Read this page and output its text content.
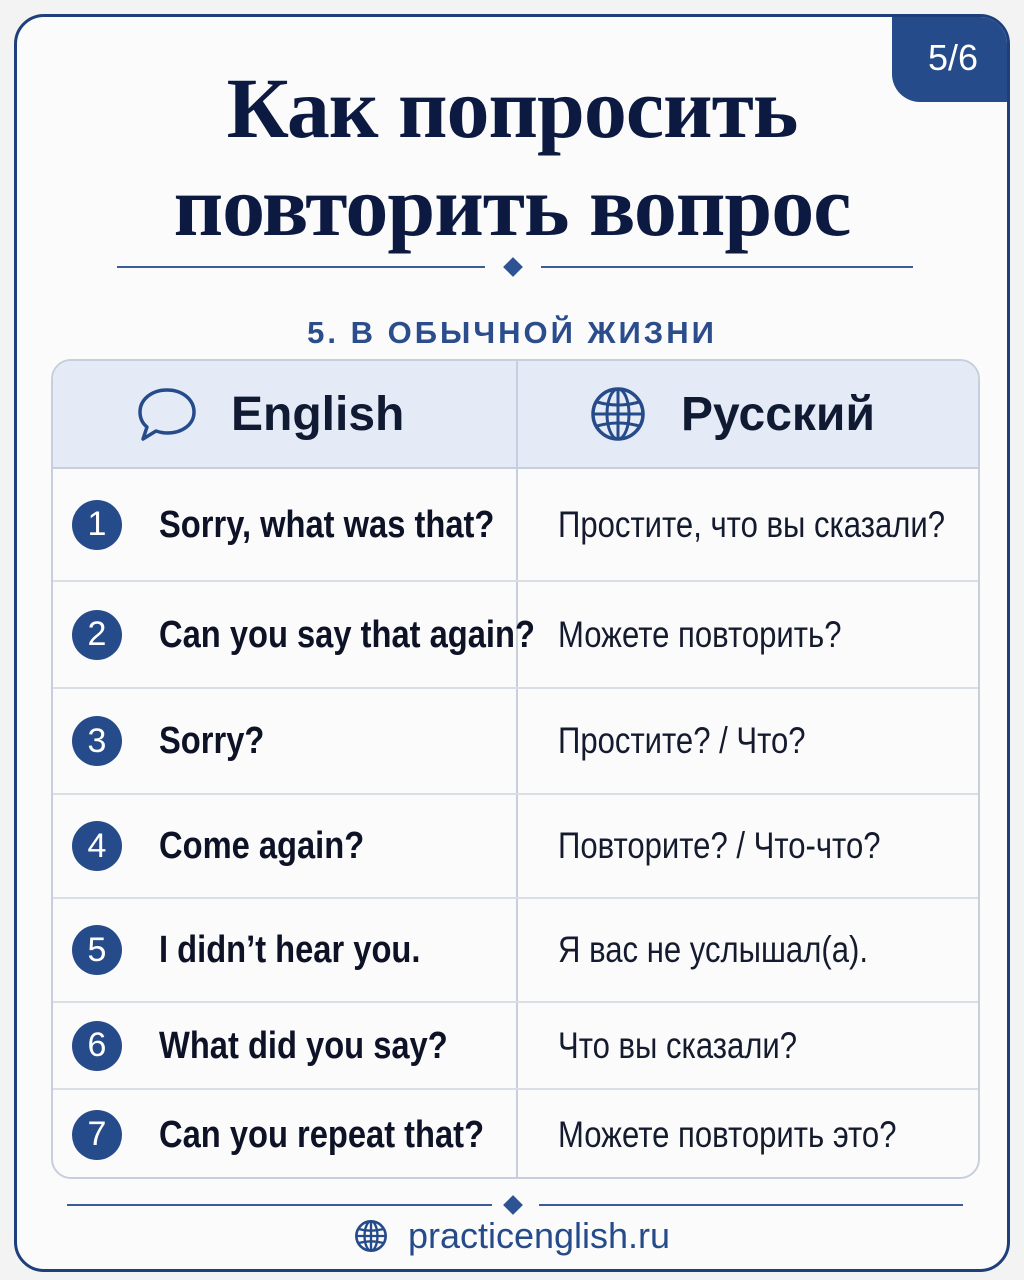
5/6
Как попросить
повторить вопрос
5. В ОБЫЧНОЙ ЖИЗНИ
English	Русский
1	Sorry, what was that? Простите, что вы сказали?
2	Can you say that again? Можете повторить?
3	Sorry?	Простите? / Что?
4	Come again?	Повторите? / Что-что?
5	I didn’t hear you.	Я вас не услышал(а).
6	What did you say?	Что вы сказали?
7	Can you repeat that? Можете повторить это?
practicenglish.ru
